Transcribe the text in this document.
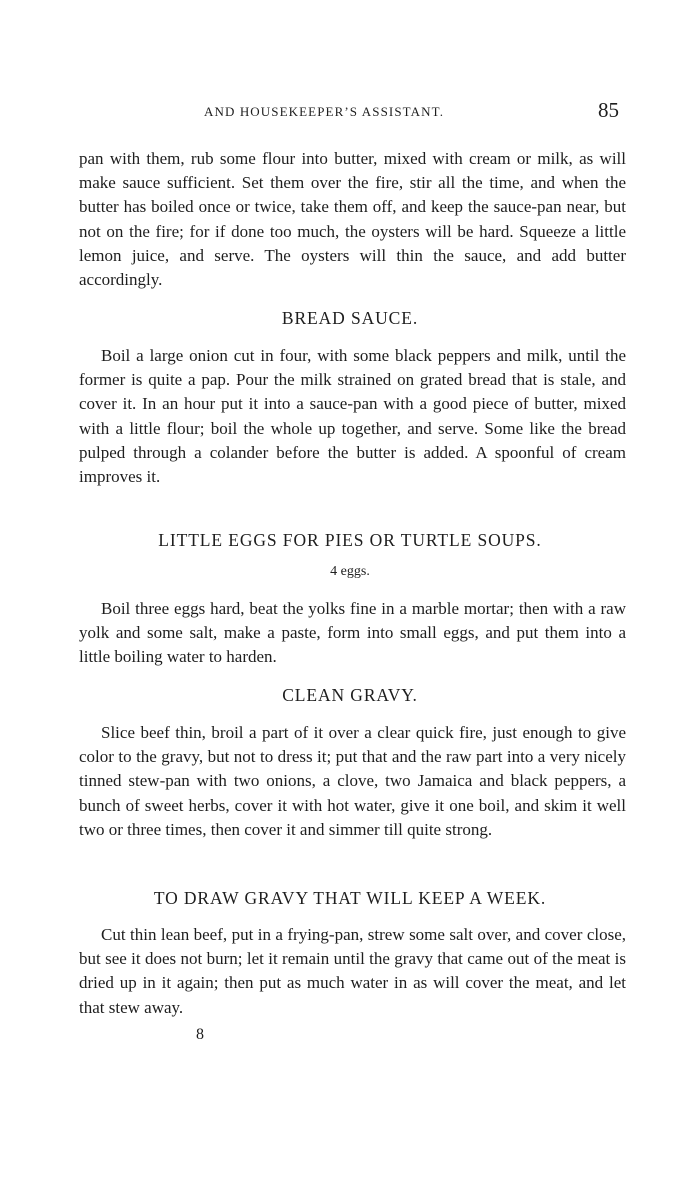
AND HOUSEKEEPER’S ASSISTANT.	85

pan with them, rub some flour into butter, mixed with cream or milk, as will make sauce sufficient. Set them over the fire, stir all the time, and when the butter has boiled once or twice, take them off, and keep the sauce-pan near, but not on the fire; for if done too much, the oysters will be hard. Squeeze a little lemon juice, and serve. The oysters will thin the sauce, and add butter accordingly.

BREAD SAUCE.

Boil a large onion cut in four, with some black peppers and milk, until the former is quite a pap. Pour the milk strained on grated bread that is stale, and cover it. In an hour put it into a sauce-pan with a good piece of butter, mixed with a little flour; boil the whole up together, and serve. Some like the bread pulped through a colander before the butter is added. A spoonful of cream improves it.

LITTLE EGGS FOR PIES OR TURTLE SOUPS.
4 eggs.

Boil three eggs hard, beat the yolks fine in a marble mortar; then with a raw yolk and some salt, make a paste, form into small eggs, and put them into a little boiling water to harden.

CLEAN GRAVY.

Slice beef thin, broil a part of it over a clear quick fire, just enough to give color to the gravy, but not to dress it; put that and the raw part into a very nicely tinned stew-pan with two onions, a clove, two Jamaica and black peppers, a bunch of sweet herbs, cover it with hot water, give it one boil, and skim it well two or three times, then cover it and simmer till quite strong.

TO DRAW GRAVY THAT WILL KEEP A WEEK.

Cut thin lean beef, put in a frying-pan, strew some salt over, and cover close, but see it does not burn; let it remain until the gravy that came out of the meat is dried up in it again; then put as much water in as will cover the meat, and let that stew away.

8
